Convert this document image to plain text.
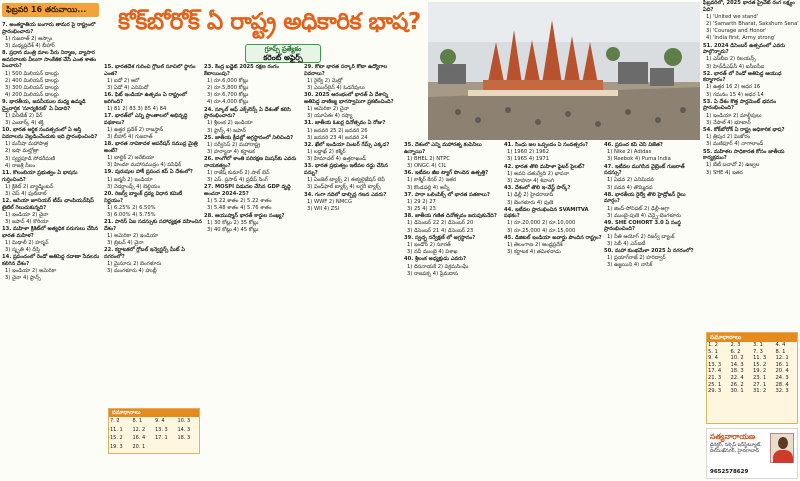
ఫిబ్రవరి 16 తరువాయి...	కోక్‌బోరోక్ ఏ రాష్ట్ర అధికారిక భాష?
గ్రూప్స్ ప్రత్యేకం
కరెంట్ అఫైర్స్

7. అంతర్జాతీయ బంగారు తామర పై రాష్ట్రంలో ప్రారంభించారు?

1) గుజరాత్ 2) అస్సాం

3) మధ్యప్రదేశ్ 4) బీహార్

8. ప్రధాన మంత్రి మాల పేరు నిర్మాణ, వ్యాపార అవసరాలకు వీలుగా సాంకేతిక చేసే ఎంత శాతం పెంచారు?

1) 500 మిలియన్ డాలర్లు

2) 400 మిలియన్ డాలర్లు

3) 300 మిలియన్ డాలర్లు

4) 200 మిలియన్ డాలర్లు

9. భారతీయ, జపనీయుల మధ్య ఉమ్మడి ద్వైవార్షిక 'సూర్యకిరణ్' ఏ ఏడాది?

1) వినిటేజ్ 2) వీర్

3) ఎంబార్క్ 4) శక్తి

10. భారత ఆర్థిక సంవత్సరంలో ఏ ఆస్తి వివరాలను వెల్లడించేందుకు ఇది ప్రారంభించింది?

1) మనీషా మహాపాత్ర

2) ఇషా మల్హోత్రా

3) స్వర్ణపూడి సోదరీమణి

4) రాజశ్రీ నీలం

11. కొలంబియా ప్రభుత్వం ఏ భాషను గుర్తించింది?

1) క్రికెట్ 2) బ్యాడ్మింటన్

3) చెస్ 4) ఫుట్‌బాల్

12. ఆసియా జూనియర్ టీమ్ ఛాంపియన్‌షిప్ టైటిల్ గెలుచుకున్నది?

1) ఇండియా 2) చైనా

3) జపాన్ 4) కొరియా

13. మహిళా క్రికెట్‌లో అత్యధిక పరుగులు చేసిన భారత మహిళ?

1) మిథాలీ 2) హర్మన్

3) స్మృతి 4) దీప్తి

14. ప్రపంచంలో రెండో అతిపెద్ద రవాణా సేవలను కలిగిన దేశం?

1) ఇండియా 2) అమెరికా

3) చైనా 4) ఫ్రాన్స్

15. భారతదేశ గురించి గ్లోబల్ సూచిలో స్థానం ఎంత?

1) ఐదో 2) ఆరో

3) ఏడో 4) ఎనిమిదో

16. ఫిట్ ఇండియా ఉత్సవం ఏ రాష్ట్రంలో జరిగింది?

1) 81 2) 83 3) 85 4) 84

17. భారత్‌లో ఎన్ని ప్రాంతాలలో అభివృద్ధి పథకాలు?

1) ఉత్తర ప్రదేశ్ 2) రాజస్థాన్

3) బీహార్ 4) గుజరాత్

18. భారత నావికాదళ ఆపరేషన్ సముద్ర మైత్రి అంటే?

1) బాల్టిక్ 2) అరేబియా

3) హిందూ మహాసముద్రం 4) పసిఫిక్

19. పురుషుల హాకీ ప్రపంచ కప్ ఏ దేశంలో?

1) జర్మనీ 2) ఇండియా

3) నెదర్లాండ్స్ 4) బెల్జియం

20. రిజర్వ్ బ్యాంక్ ద్రవ్య విధాన కమిటీ నిర్ణయం?

1) 6.25% 2) 6.50%

3) 6.00% 4) 5.75%

21. పారిస్ ఏఐ సదస్సుకు సహాధ్యక్షత వహించిన దేశం?

1) అమెరికా 2) ఇండియా

3) బ్రిటన్ 4) చైనా

22. కర్ణాటకలో గ్లోబల్ ఇన్వెస్టర్స్ మీట్ ఏ నగరంలో?

1) మైసూరు 2) బెంగళూరు

3) మంగళూరు 4) హుబ్లీ

సమాధానాలు
7. 2	8. 1	9. 4	10. 3
11. 1	12. 2	13. 3	14. 3
15. 2	16. 4	17. 1	18. 3
19. 3	20. 1		

23. కేంద్ర బడ్జెట్ 2025 రక్షణ రంగం కేటాయింపు?

1) రూ.6,000 కోట్లు

2) రూ.5,800 కోట్లు

3) రూ.6,700 కోట్లు

4) రూ.4,000 కోట్లు

24. స్కూల్ ఆఫ్ ఎక్స్‌లెన్స్ ఏ దేశంతో కలిసి ప్రారంభించారు?

1) శ్రీలంక 2) ఇండియా

3) ఫ్రాన్స్ 4) జపాన్

25. జాతీయ క్రీడల్లో అగ్రస్థానంలో నిలిచింది?

1) సర్వీసెస్ 2) మహారాష్ట్ర

3) హర్యానా 4) కర్ణాటక

26. కాంగోలో శాంతి పరిరక్షణ మిషన్‌కు ఎవరు నాయకత్వం?

1) రాజేష్ కుమార్ 2) పాల్ బెన్

3) ఎస్. ప్రసాద్ 4) ప్రదీప్ సింగ్

27. MOSPI విడుదల చేసిన GDP వృద్ధి అంచనా 2024-25?

1) 5.22 శాతం 2) 5.22 శాతం

3) 5.48 శాతం 4) 5.76 శాతం

28. ఆయుష్మాన్ భారత్ కార్డుల సంఖ్య?

1) 30 కోట్లు 2) 35 కోట్లు

3) 40 కోట్లు 4) 45 కోట్లు

29. కోటా భారత సర్కార్ కోటా ఉద్యోగాల వివరాలు?

1) రైల్వే 2) మెట్రో

3) ఎయిర్‌లైన్ 4) ఓడరేవులు

30. 2025 ఆరంభంలో భారత్ ఏ దేశాన్ని అతిపెద్ద వాణిజ్య భాగస్వామిగా ప్రకటించింది?

1) అమెరికా 2) చైనా

3) యూఏఈ 4) రష్యా

31. జాతీయ ఓటర్ల దినోత్సవం ఏ రోజు?

1) జనవరి 25 2) జనవరి 26

3) జనవరి 23 4) జనవరి 24

32. ఖేలో ఇండియా వింటర్ గేమ్స్ ఎక్కడ?

1) లద్దాఖ్ 2) కశ్మీర్

3) హిమాచల్ 4) ఉత్తరాఖండ్

33. భారత ప్రభుత్వం ఇటీవల రద్దు చేసిన పన్ను?

1) ఏంజెల్ ట్యాక్స్ 2) ఈక్వలైజేషన్ లెవీ

3) విండ్‌ఫాల్ ట్యాక్స్ 4) లగ్జరీ ట్యాక్స్

34. గంగా నదిలో డాల్ఫిన్ల గణన ఎవరు?

1) WWF 2) NMCG

3) WII 4) ZSI

35. దేశంలో ఎన్ని మహారత్న కంపెనీలు ఉన్నాయి?

1) BHEL 2) NTPC

3) ONGC 4) CIL

36. ఇటీవల జీఐ ట్యాగ్ పొందిన ఉత్పత్తి?

1) కాశ్మీర్ కేసర్ 2) ఇతర

3) కొండపల్లి 4) అన్నీ

37. పారా ఒలింపిక్స్ లో భారత పతకాలు?

1) 29 2) 27

3) 25 4) 23

38. జాతీయ గణిత దినోత్సవం జరుపుకునేది?

1) డిసెంబర్ 22 2) డిసెంబర్ 20

3) డిసెంబర్ 21 4) డిసెంబర్ 23

39. స్వచ్ఛ సర్వేక్షణ్ లో అగ్రస్థానం?

1) ఇండోర్ 2) సూరత్

3) నవీ ముంబై 4) విశాఖ

40. శ్రీలంక అధ్యక్షుడు ఎవరు?

1) దిసనాయకే 2) విక్రమసింఘే

3) రాజపక్స 4) ప్రేమదాస

41. సింధు జల ఒప్పందం ఏ సంవత్సరం?

1) 1960 2) 1962

3) 1965 4) 1971

42. భారత తొలి మహిళా ఫైటర్ పైలట్?

1) అవని చతుర్వేది 2) భావనా

3) మోహనా 4) శివాంగి

43. దేశంలో తొలి ఇ-వేస్ట్ పార్క్?

1) ఢిల్లీ 2) హైదరాబాద్

3) బెంగళూరు 4) పుణె

44. ఇటీవల ప్రారంభించిన SVAMITVA పథకం?

1) రూ.20,000 2) రూ.10,000

3) రూ.25,000 4) రూ.15,000

45. డిజిటల్ ఇండియా అవార్డు పొందిన రాష్ట్రం?

1) తెలంగాణ 2) ఆంధ్రప్రదేశ్

3) కర్ణాటక 4) తమిళనాడు

46. ప్రపంచ కప్ చెస్ విజేత?

1) Nike 2) Adidas

3) Reebok 4) Puma India

47. ఇటీవల ముగిసిన వైబ్రెంట్ గుజరాత్ సదస్సు?

1) ఏడవ 2) ఎనిమిదవ

3) పదవ 4) తొమ్మిదవ

48. భారతీయ రైల్వే తొలి హైడ్రోజన్ రైలు మార్గం?

1) జింద్-సోనిపట్ 2) ఢిల్లీ-ఆగ్రా

3) ముంబై-పుణె 4) చెన్నై-బెంగళూరు

49. SHE COHORT 3.0 ఏ సంస్థ ప్రారంభించింది?

1) నీతి ఆయోగ్ 2) రిజర్వ్ బ్యాంక్

3) సెబీ 4) ఎన్ఐటీ

50. మహా కుంభమేళా 2025 ఏ నగరంలో?

1) ప్రయాగ్‌రాజ్ 2) హరిద్వార్

3) ఉజ్జయిని 4) నాసిక్

ఫిబ్రవరిలో, 2025 భారత ప్రైవేట్ రంగ లక్ష్యం ఏది?

1) 'United we stand'

2) 'Samarth Bharat, Sakshum Sena'

3) 'Courage and Honor'

4) 'India first, Army strong'

51. 2024 డిసెంబర్ ఉత్సవంలో ఎవరు పాల్గొన్నారు?

1) ఎస్‌బీఐ 2) రిలయన్స్

3) హెచ్‌డీఎఫ్‌సీ 4) ఐసీఐసీఐ

52. భారత్ లో రెండో అతిపెద్ద ఆయుధ కర్మాగారం?

1) ఉత్తర 16 2) అధర 16

3) గమనం 15 4) అధర 14

53. ఏ దేశం కొత్త పార్లమెంట్ భవనం ప్రారంభించింది?

1) ఇండియా 2) మాల్దీవులు

3) నేపాల్ 4) భూటాన్

54. కోక్‌బోరోక్ ఏ రాష్ట్ర అధికారిక భాష?

1) త్రిపుర 2) మిజోరం

3) మణిపూర్ 4) నాగాలాండ్

55. మహిళల సాధికారత కోసం జాతీయ కార్యక్రమం?

1) బేటీ బచావో 2) ఉజ్వల

3) SHE 4) ఇతర

సమాధానాలు
1. 2	2. 3	3. 1	4. 4
5. 1	6. 2	7. 3	8. 1
9. 4	10. 2	11. 3	12. 1
13. 3	14. 3	15. 2	16. 1
17. 4	18. 3	19. 2	20. 4
21. 3	22. 4	23. 1	24. 3
25. 1	26. 2	27. 1	28. 4
29. 3	30. 1	31. 2	32. 3
సత్యనారాయణ
డైరెక్టర్, సక్సెస్ ఇన్‌స్టిట్యూట్, దిల్‌సుఖ్‌నగర్, హైదరాబాద్
9652578629
